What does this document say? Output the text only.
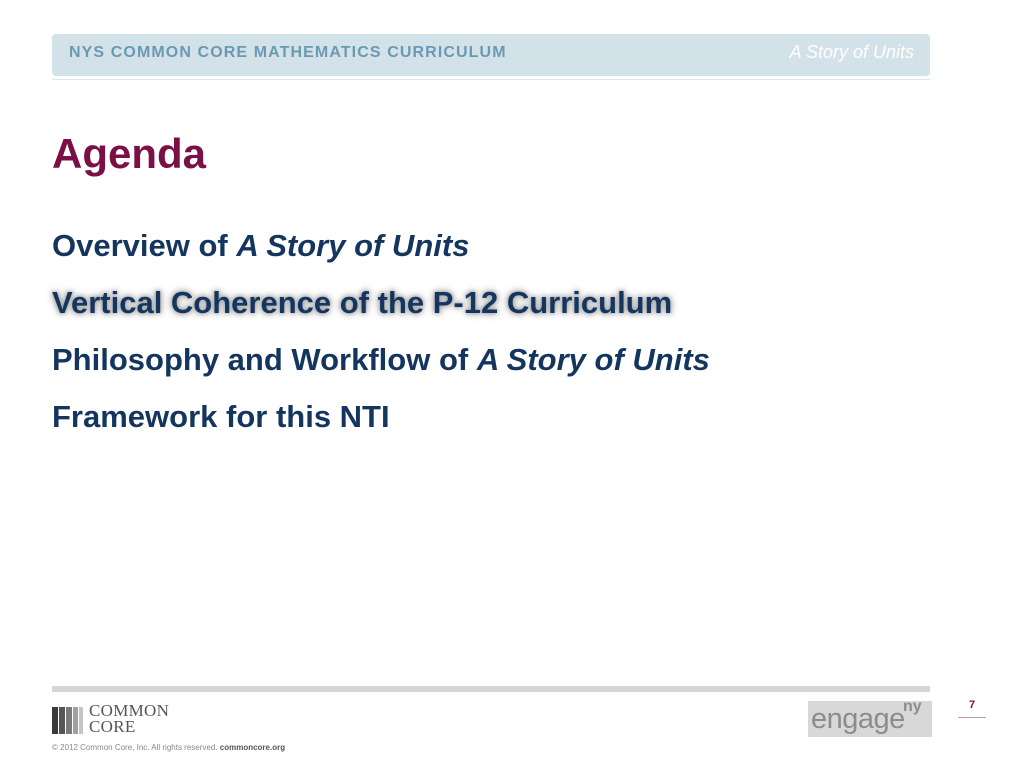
NYS COMMON CORE MATHEMATICS CURRICULUM	A Story of Units
Agenda
Overview of A Story of Units
Vertical Coherence of the P-12 Curriculum
Philosophy and Workflow of A Story of Units
Framework for this NTI
COMMON
CORE
© 2012 Common Core, Inc. All rights reserved. commoncore.org
engage
ny	7
